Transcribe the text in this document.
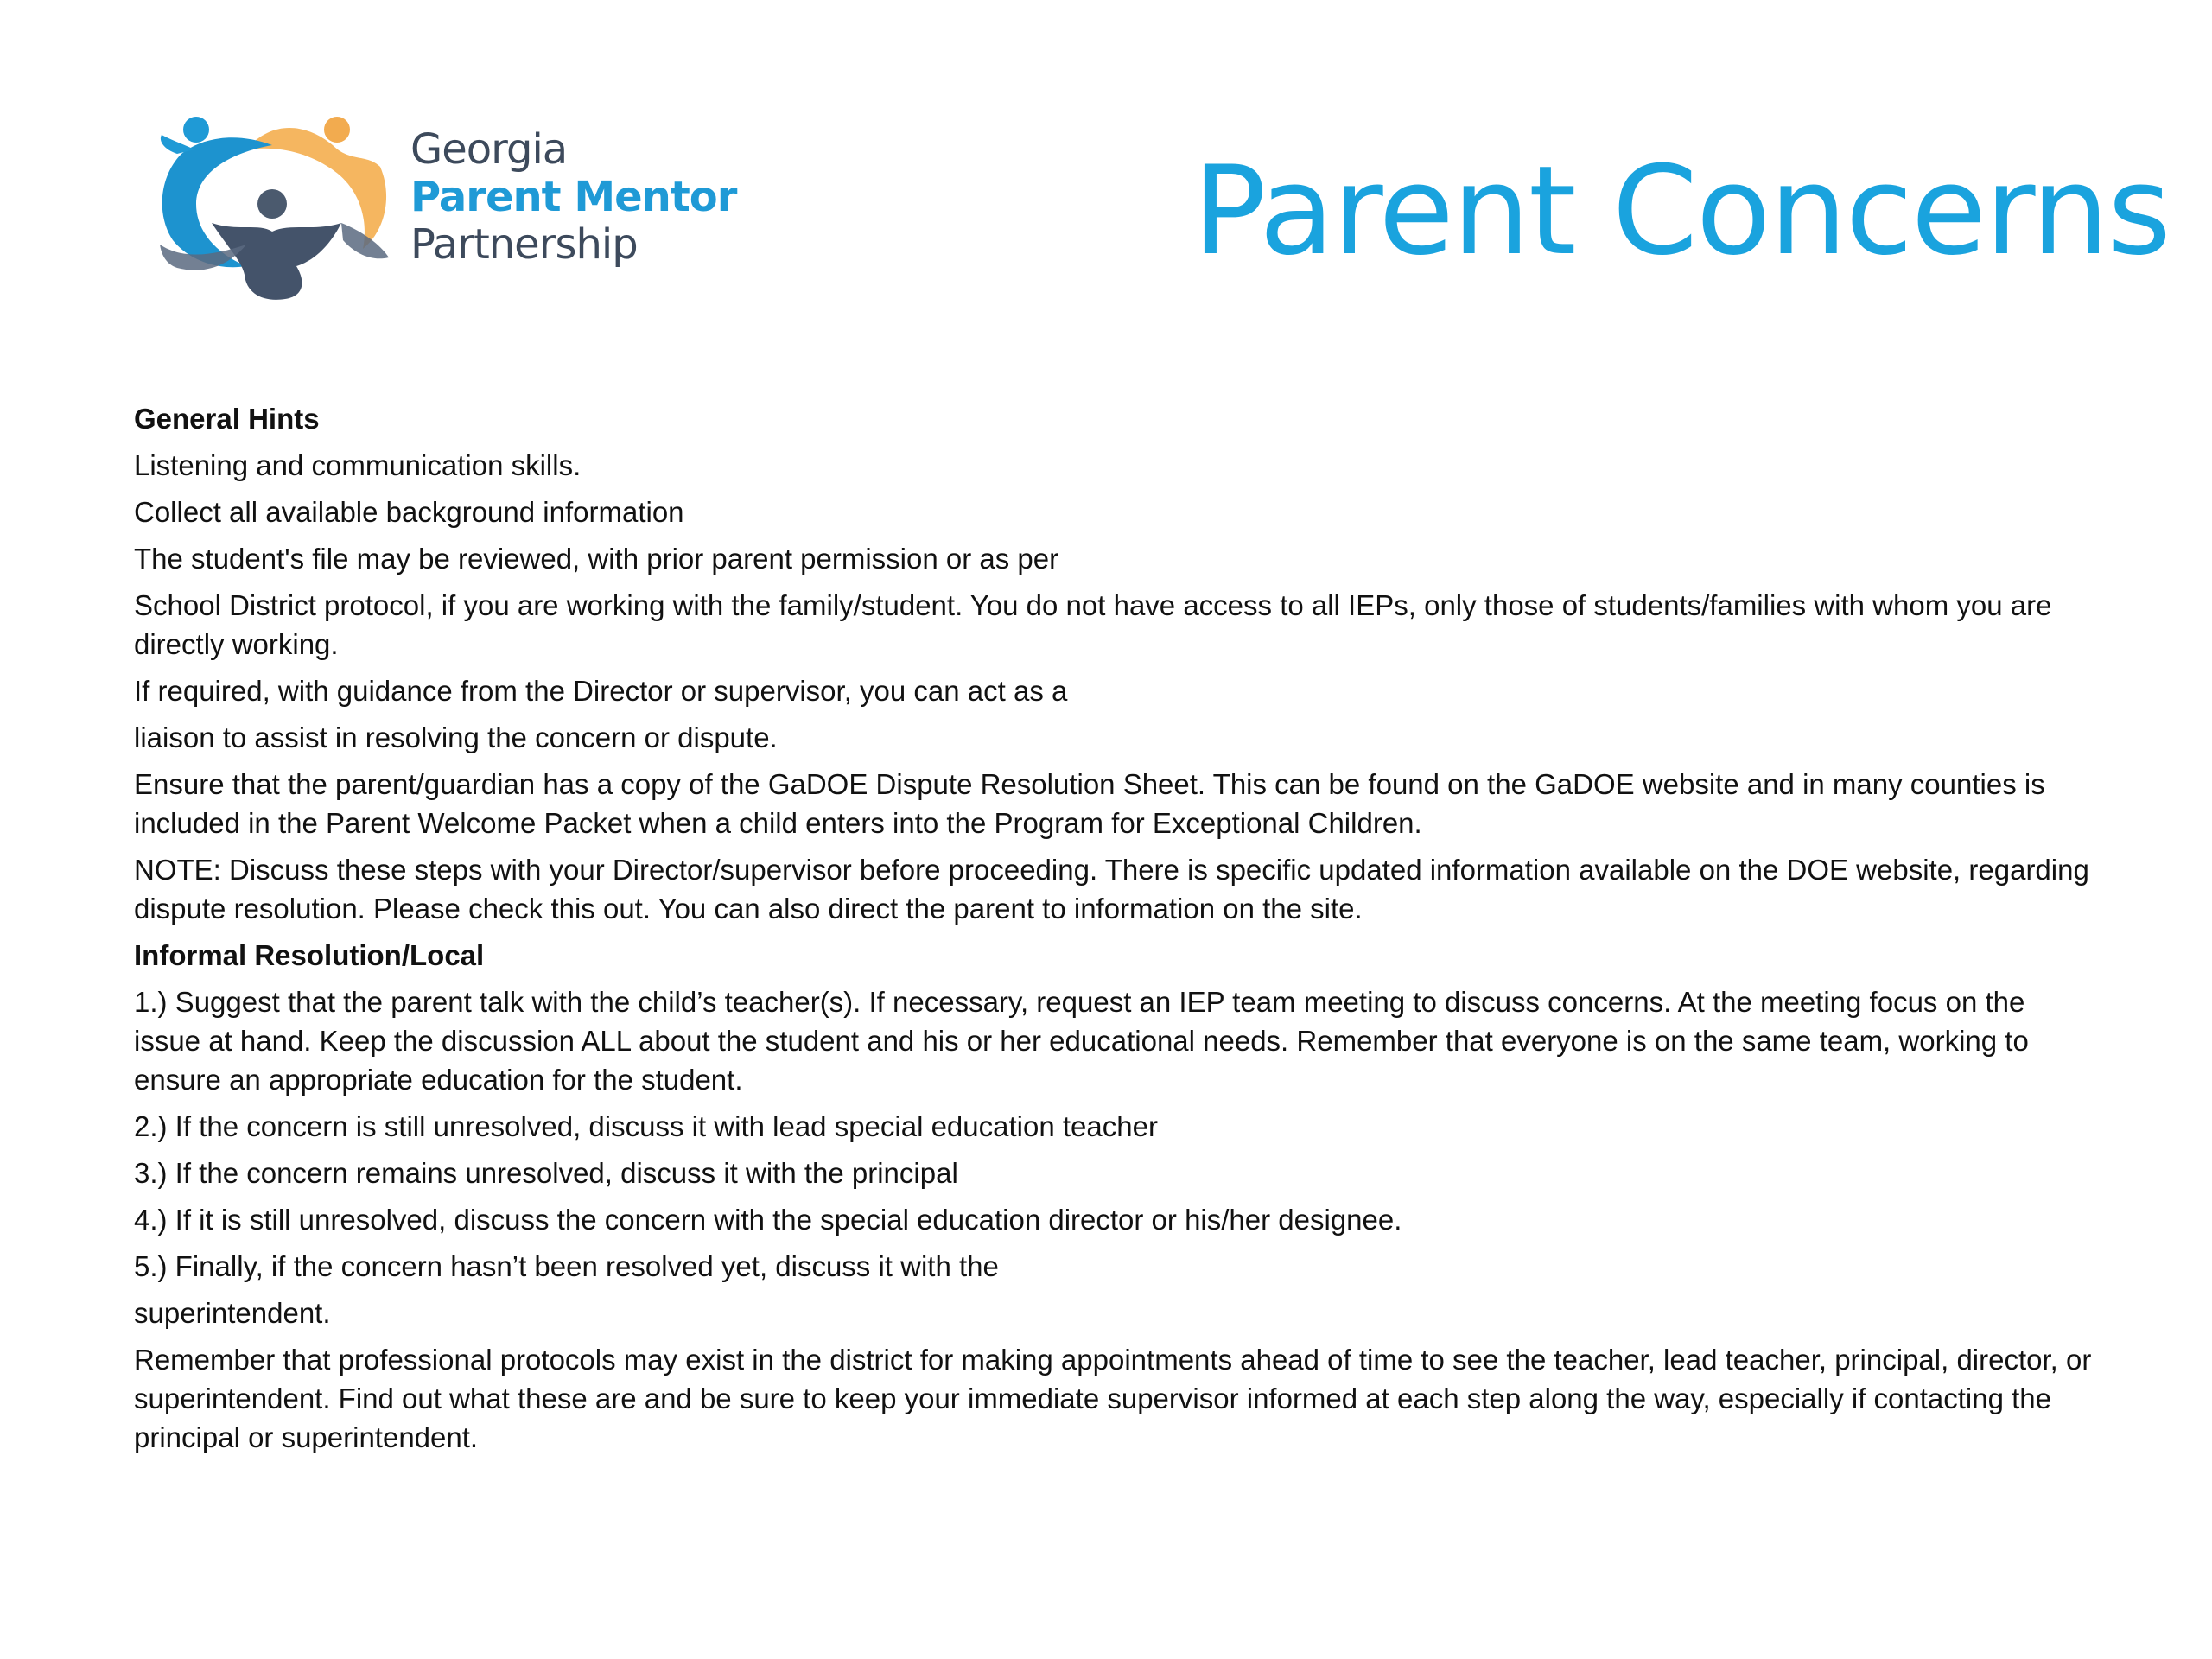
Georgia
Parent Mentor
Partnership	Parent Concerns
General Hints

Listening and communication skills.

Collect all available background information

The student's file may be reviewed, with prior parent permission or as per

School District protocol, if you are working with the family/student. You do not have access to all IEPs, only those of students/families with whom you are directly working.

If required, with guidance from the Director or supervisor, you can act as a

liaison to assist in resolving the concern or dispute.

Ensure that the parent/guardian has a copy of the GaDOE Dispute Resolution Sheet. This can be found on the GaDOE website and in many counties is included in the Parent Welcome Packet when a child enters into the Program for Exceptional Children.

NOTE: Discuss these steps with your Director/supervisor before proceeding. There is specific updated information available on the DOE website, regarding dispute resolution. Please check this out. You can also direct the parent to information on the site.

Informal Resolution/Local

1.) Suggest that the parent talk with the child’s teacher(s). If necessary, request an IEP team meeting to discuss concerns. At the meeting focus on the issue at hand. Keep the discussion ALL about the student and his or her educational needs. Remember that everyone is on the same team, working to ensure an appropriate education for the student.

2.) If the concern is still unresolved, discuss it with lead special education teacher

3.) If the concern remains unresolved, discuss it with the principal

4.) If it is still unresolved, discuss the concern with the special education director or his/her designee.

5.) Finally, if the concern hasn’t been resolved yet, discuss it with the

superintendent.

Remember that professional protocols may exist in the district for making appointments ahead of time to see the teacher, lead teacher, principal, director, or superintendent. Find out what these are and be sure to keep your immediate supervisor informed at each step along the way, especially if contacting the principal or superintendent.
